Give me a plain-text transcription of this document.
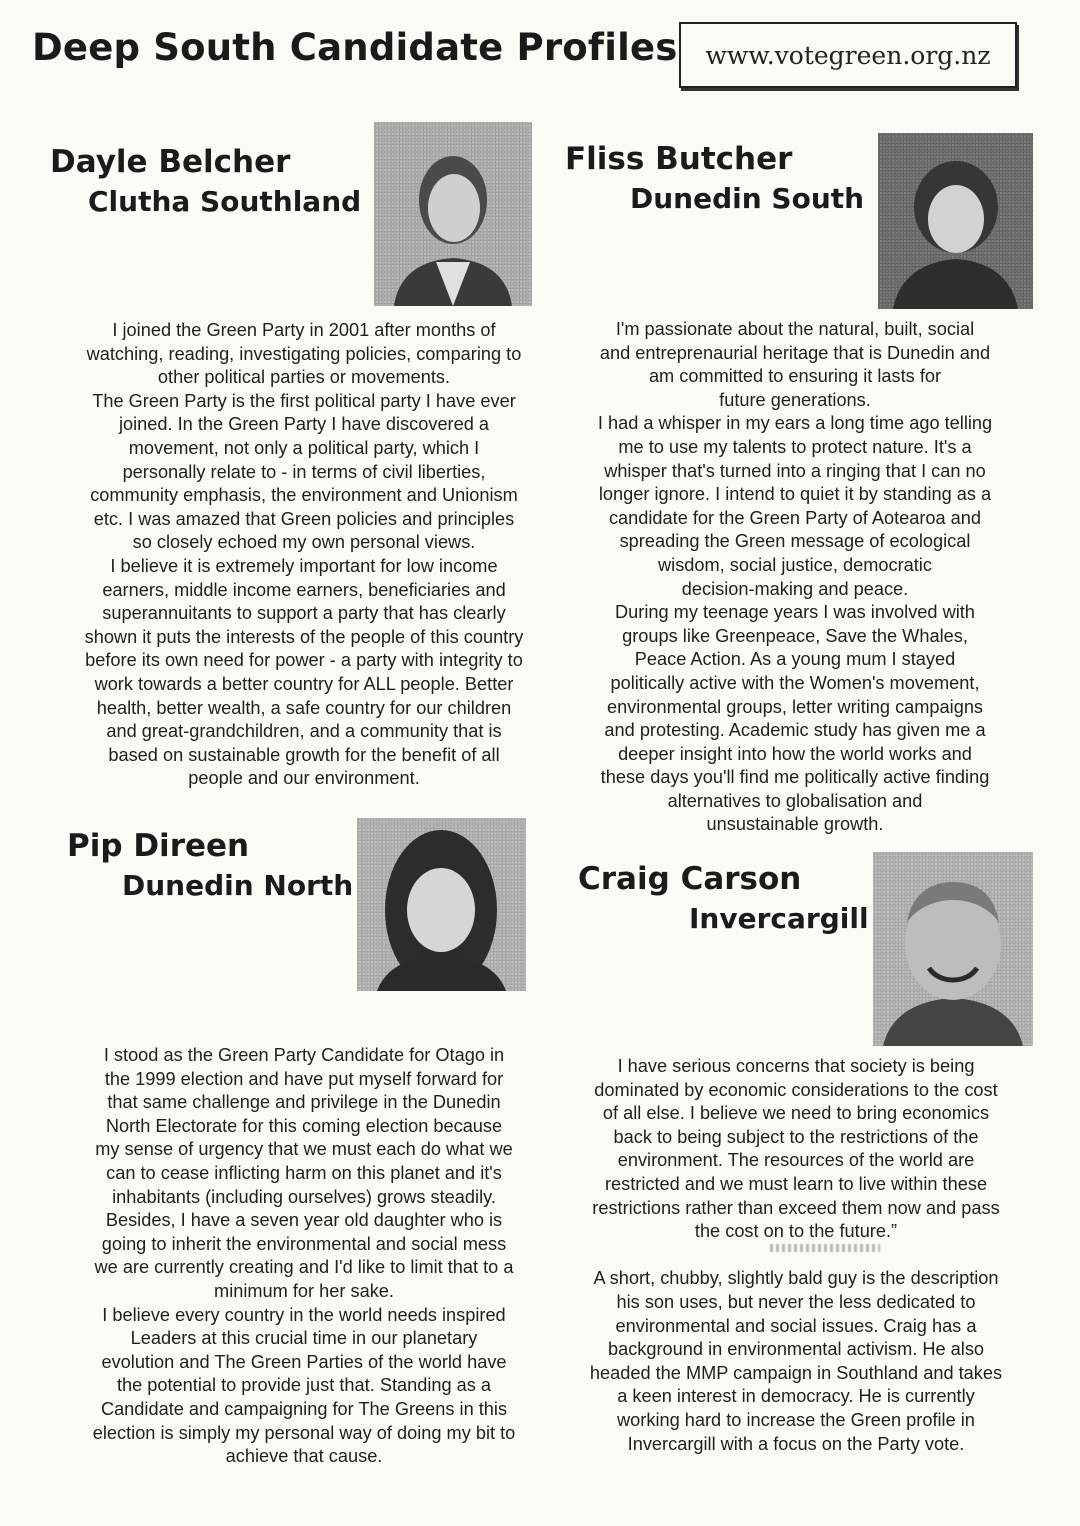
Deep South Candidate Profiles	www.votegreen.org.nz
Dayle Belcher
Clutha Southland
I joined the Green Party in 2001 after months of
watching, reading, investigating policies, comparing to
other political parties or movements.
The Green Party is the first political party I have ever
joined. In the Green Party I have discovered a
movement, not only a political party, which I
personally relate to - in terms of civil liberties,
community emphasis, the environment and Unionism
etc. I was amazed that Green policies and principles
so closely echoed my own personal views.
I believe it is extremely important for low income
earners, middle income earners, beneficiaries and
superannuitants to support a party that has clearly
shown it puts the interests of the people of this country
before its own need for power - a party with integrity to
work towards a better country for ALL people. Better
health, better wealth, a safe country for our children
and great-grandchildren, and a community that is
based on sustainable growth for the benefit of all
people and our environment.
Fliss Butcher
Dunedin South
I'm passionate about the natural, built, social
and entreprenaurial heritage that is Dunedin and
am committed to ensuring it lasts for
future generations.
I had a whisper in my ears a long time ago telling
me to use my talents to protect nature. It's a
whisper that's turned into a ringing that I can no
longer ignore. I intend to quiet it by standing as a
candidate for the Green Party of Aotearoa and
spreading the Green message of ecological
wisdom, social justice, democratic
decision-making and peace.
During my teenage years I was involved with
groups like Greenpeace, Save the Whales,
Peace Action. As a young mum I stayed
politically active with the Women's movement,
environmental groups, letter writing campaigns
and protesting. Academic study has given me a
deeper insight into how the world works and
these days you'll find me politically active finding
alternatives to globalisation and
unsustainable growth.
Pip Direen
Dunedin North
I stood as the Green Party Candidate for Otago in
the 1999 election and have put myself forward for
that same challenge and privilege in the Dunedin
North Electorate for this coming election because
my sense of urgency that we must each do what we
can to cease inflicting harm on this planet and it's
inhabitants (including ourselves) grows steadily.
Besides, I have a seven year old daughter who is
going to inherit the environmental and social mess
we are currently creating and I'd like to limit that to a
minimum for her sake.
I believe every country in the world needs inspired
Leaders at this crucial time in our planetary
evolution and The Green Parties of the world have
the potential to provide just that. Standing as a
Candidate and campaigning for The Greens in this
election is simply my personal way of doing my bit to
achieve that cause.
Craig Carson
Invercargill
I have serious concerns that society is being
dominated by economic considerations to the cost
of all else. I believe we need to bring economics
back to being subject to the restrictions of the
environment. The resources of the world are
restricted and we must learn to live within these
restrictions rather than exceed them now and pass
the cost on to the future.”

A short, chubby, slightly bald guy is the description
his son uses, but never the less dedicated to
environmental and social issues. Craig has a
background in environmental activism. He also
headed the MMP campaign in Southland and takes
a keen interest in democracy. He is currently
working hard to increase the Green profile in
Invercargill with a focus on the Party vote.
